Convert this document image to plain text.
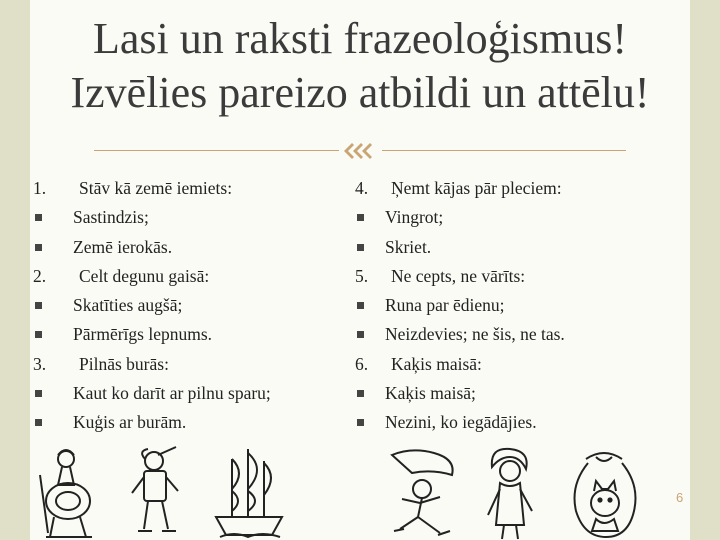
Lasi un raksti frazeoloģismus!
Izvēlies pareizo atbildi un attēlu!
1.	Stāv kā zemē iemiets:
Sastindzis;
Zemē ierokās.
2.	Celt degunu gaisā:
Skatīties augšā;
Pārmērīgs lepnums.
3.	Pilnās burās:
Kaut ko darīt ar pilnu sparu;
Kuģis ar burām.
4.	Ņemt kājas pār pleciem:
Vingrot;
Skriet.
5.	Ne cepts, ne vārīts:
Runa par ēdienu;
Neizdevies; ne šis, ne tas.
6.	Kaķis maisā:
Kaķis maisā;
Nezini, ko iegādājies.
6
